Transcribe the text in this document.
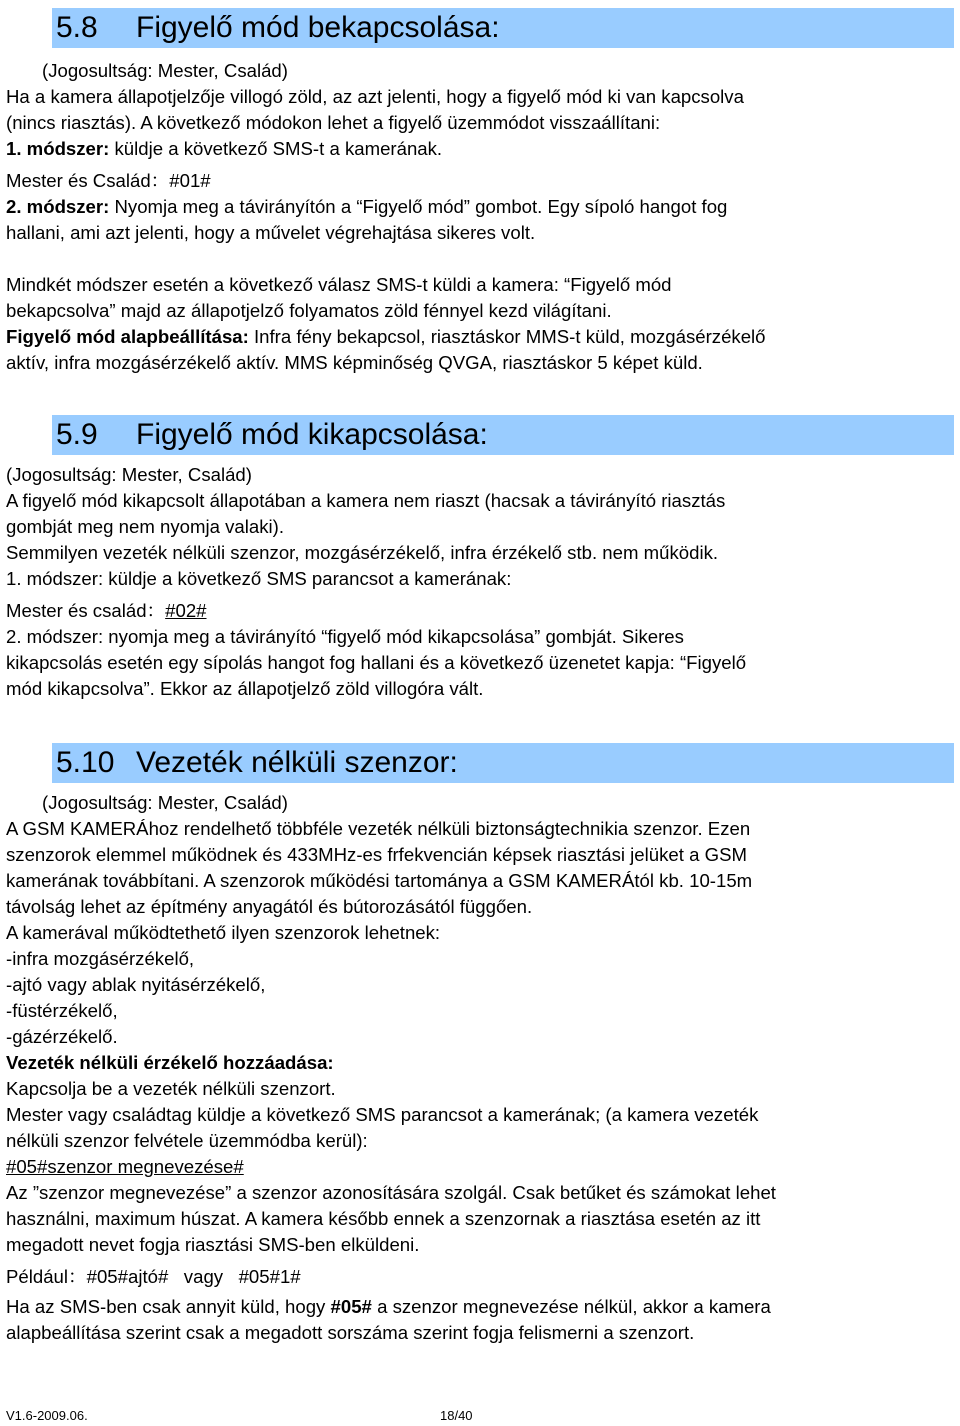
5.8 Figyelő mód bekapcsolása:
(Jogosultság: Mester, Család)
Ha a kamera állapotjelzője villogó zöld, az azt jelenti, hogy a figyelő mód ki van kapcsolva
(nincs riasztás). A következő módokon lehet a figyelő üzemmódot visszaállítani:
1. módszer: küldje a következő SMS-t a kamerának.
Mester és Család：#01#
2. módszer: Nyomja meg a távirányítón a “Figyelő mód” gombot. Egy sípoló hangot fog
hallani, ami azt jelenti, hogy a művelet végrehajtása sikeres volt.
Mindkét módszer esetén a következő válasz SMS-t küldi a kamera: “Figyelő mód
bekapcsolva” majd az állapotjelző folyamatos zöld fénnyel kezd világítani.
Figyelő mód alapbeállítása: Infra fény bekapcsol, riasztáskor MMS-t küld, mozgásérzékelő
aktív, infra mozgásérzékelő aktív. MMS képminőség QVGA, riasztáskor 5 képet küld.
5.9 Figyelő mód kikapcsolása:
(Jogosultság: Mester, Család)
A figyelő mód kikapcsolt állapotában a kamera nem riaszt (hacsak a távirányító riasztás
gombját meg nem nyomja valaki).
Semmilyen vezeték nélküli szenzor, mozgásérzékelő, infra érzékelő stb. nem működik.
1. módszer: küldje a következő SMS parancsot a kamerának:
Mester és család：#02#
2. módszer: nyomja meg a távirányító “figyelő mód kikapcsolása” gombját. Sikeres
kikapcsolás esetén egy sípolás hangot fog hallani és a következő üzenetet kapja: “Figyelő
mód kikapcsolva”. Ekkor az állapotjelző zöld villogóra vált.
5.10 Vezeték nélküli szenzor:
(Jogosultság: Mester, Család)
A GSM KAMERÁhoz rendelhető többféle vezeték nélküli biztonságtechnikia szenzor. Ezen
szenzorok elemmel működnek és 433MHz-es frfekvencián képsek riasztási jelüket a GSM
kamerának továbbítani. A szenzorok működési tartománya a GSM KAMERÁtól kb. 10-15m
távolság lehet az építmény anyagától és bútorozásától függően.
A kamerával működtethető ilyen szenzorok lehetnek:
-infra mozgásérzékelő,
-ajtó vagy ablak nyitásérzékelő,
-füstérzékelő,
-gázérzékelő.
Vezeték nélküli érzékelő hozzáadása:
Kapcsolja be a vezeték nélküli szenzort.
Mester vagy családtag küldje a következő SMS parancsot a kamerának; (a kamera vezeték
nélküli szenzor felvétele üzemmódba kerül):
#05#szenzor megnevezése#
Az ”szenzor megnevezése” a szenzor azonosítására szolgál. Csak betűket és számokat lehet
használni, maximum húszat. A kamera később ennek a szenzornak a riasztása esetén az itt
megadott nevet fogja riasztási SMS-ben elküldeni.
Például：#05#ajtó#   vagy   #05#1#
Ha az SMS-ben csak annyit küld, hogy #05# a szenzor megnevezése nélkül, akkor a kamera
alapbeállítása szerint csak a megadott sorszáma szerint fogja felismerni a szenzort.
V1.6-2009.06.	18/40
